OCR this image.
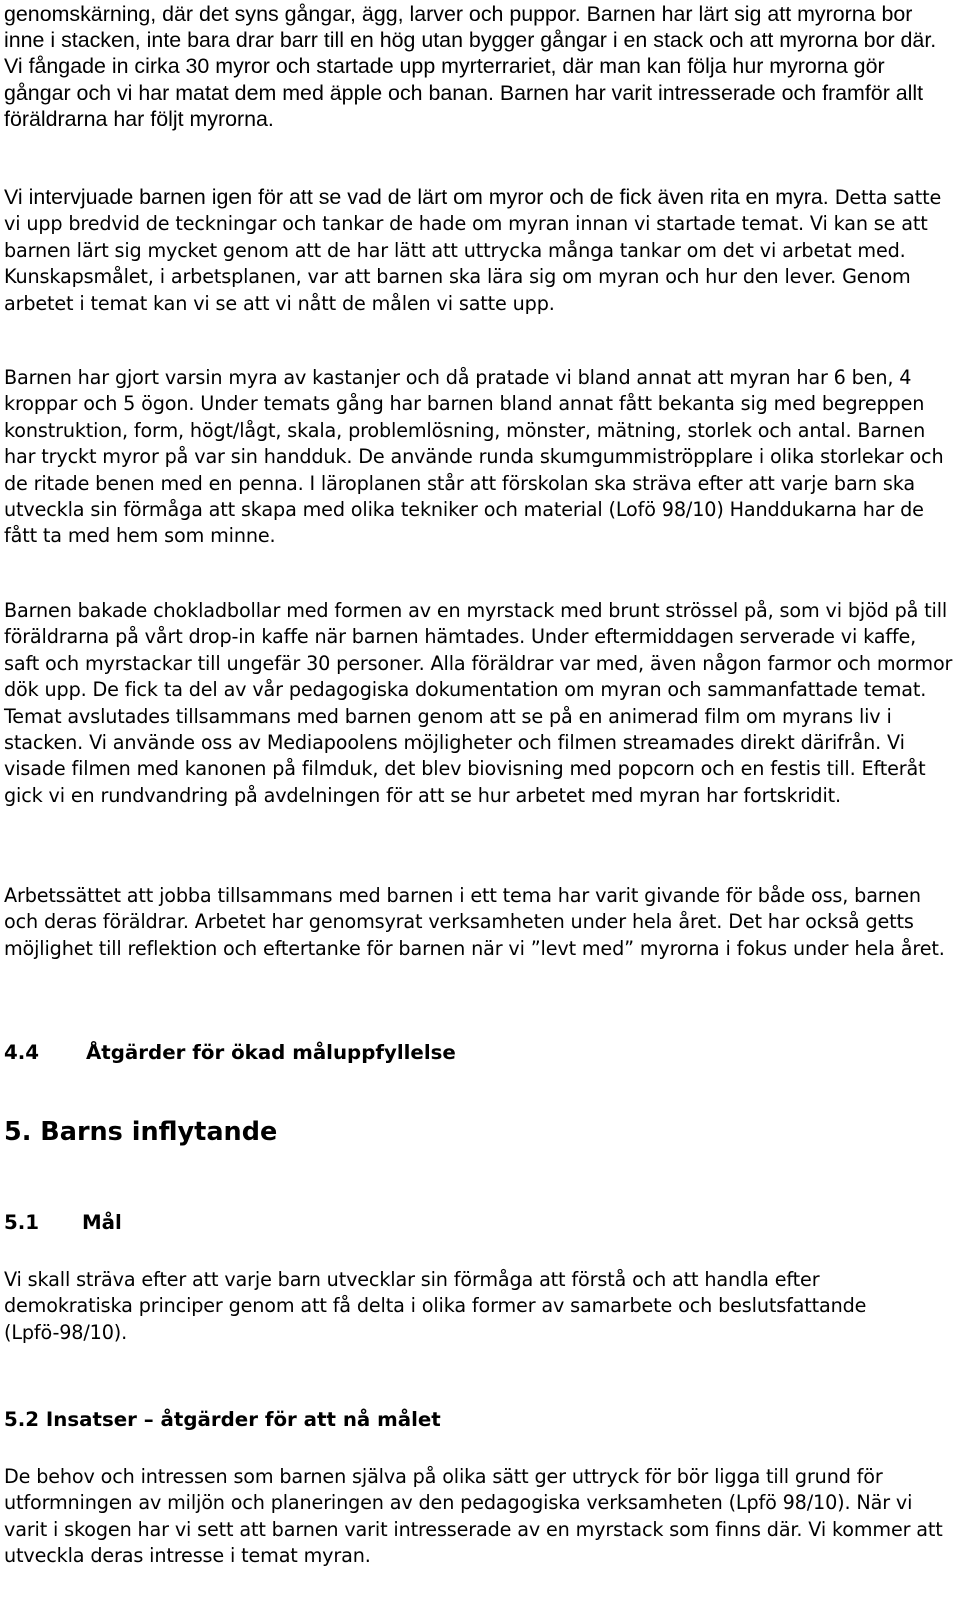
genomskärning, där det syns gångar, ägg, larver och puppor. Barnen har lärt sig att myrorna bor inne i stacken, inte bara drar barr till en hög utan bygger gångar i en stack och att myrorna bor där. Vi fångade in cirka 30 myror och startade upp myrterrariet, där man kan följa hur myrorna gör gångar och vi har matat dem med äpple och banan. Barnen har varit intresserade och framför allt föräldrarna har följt myrorna.

Vi intervjuade barnen igen för att se vad de lärt om myror och de fick även rita en myra. Detta satte vi upp bredvid de teckningar och tankar de hade om myran innan vi startade temat. Vi kan se att barnen lärt sig mycket genom att de har lätt att uttrycka många tankar om det vi arbetat med. Kunskapsmålet, i arbetsplanen, var att barnen ska lära sig om myran och hur den lever. Genom arbetet i temat kan vi se att vi nått de målen vi satte upp.

Barnen har gjort varsin myra av kastanjer och då pratade vi bland annat att myran har 6 ben, 4 kroppar och 5 ögon. Under temats gång har barnen bland annat fått bekanta sig med begreppen konstruktion, form, högt/lågt, skala, problemlösning, mönster, mätning, storlek och antal. Barnen har tryckt myror på var sin handduk. De använde runda skumgummiströpplare i olika storlekar och de ritade benen med en penna. I läroplanen står att förskolan ska sträva efter att varje barn ska utveckla sin förmåga att skapa med olika tekniker och material (Lofö 98/10) Handdukarna har de fått ta med hem som minne.

Barnen bakade chokladbollar med formen av en myrstack med brunt strössel på, som vi bjöd på till föräldrarna på vårt drop-in kaffe när barnen hämtades. Under eftermiddagen serverade vi kaffe, saft och myrstackar till ungefär 30 personer. Alla föräldrar var med, även någon farmor och mormor dök upp. De fick ta del av vår pedagogiska dokumentation om myran och sammanfattade temat. Temat avslutades tillsammans med barnen genom att se på en animerad film om myrans liv i stacken. Vi använde oss av Mediapoolens möjligheter och filmen streamades direkt därifrån. Vi visade filmen med kanonen på filmduk, det blev biovisning med popcorn och en festis till. Efteråt gick vi en rundvandring på avdelningen för att se hur arbetet med myran har fortskridit.

Arbetssättet att jobba tillsammans med barnen i ett tema har varit givande för både oss, barnen och deras föräldrar. Arbetet har genomsyrat verksamheten under hela året. Det har också getts möjlighet till reflektion och eftertanke för barnen när vi ”levt med” myrorna i fokus under hela året.

4.4	Åtgärder för ökad måluppfyllelse
5. Barns inflytande
5.1	Mål

Vi skall sträva efter att varje barn utvecklar sin förmåga att förstå och att handla efter demokratiska principer genom att få delta i olika former av samarbete och beslutsfattande (Lpfö-98/10).

5.2 Insatser – åtgärder för att nå målet

De behov och intressen som barnen själva på olika sätt ger uttryck för bör ligga till grund för utformningen av miljön och planeringen av den pedagogiska verksamheten (Lpfö 98/10). När vi varit i skogen har vi sett att barnen varit intresserade av en myrstack som finns där. Vi kommer att utveckla deras intresse i temat myran.
